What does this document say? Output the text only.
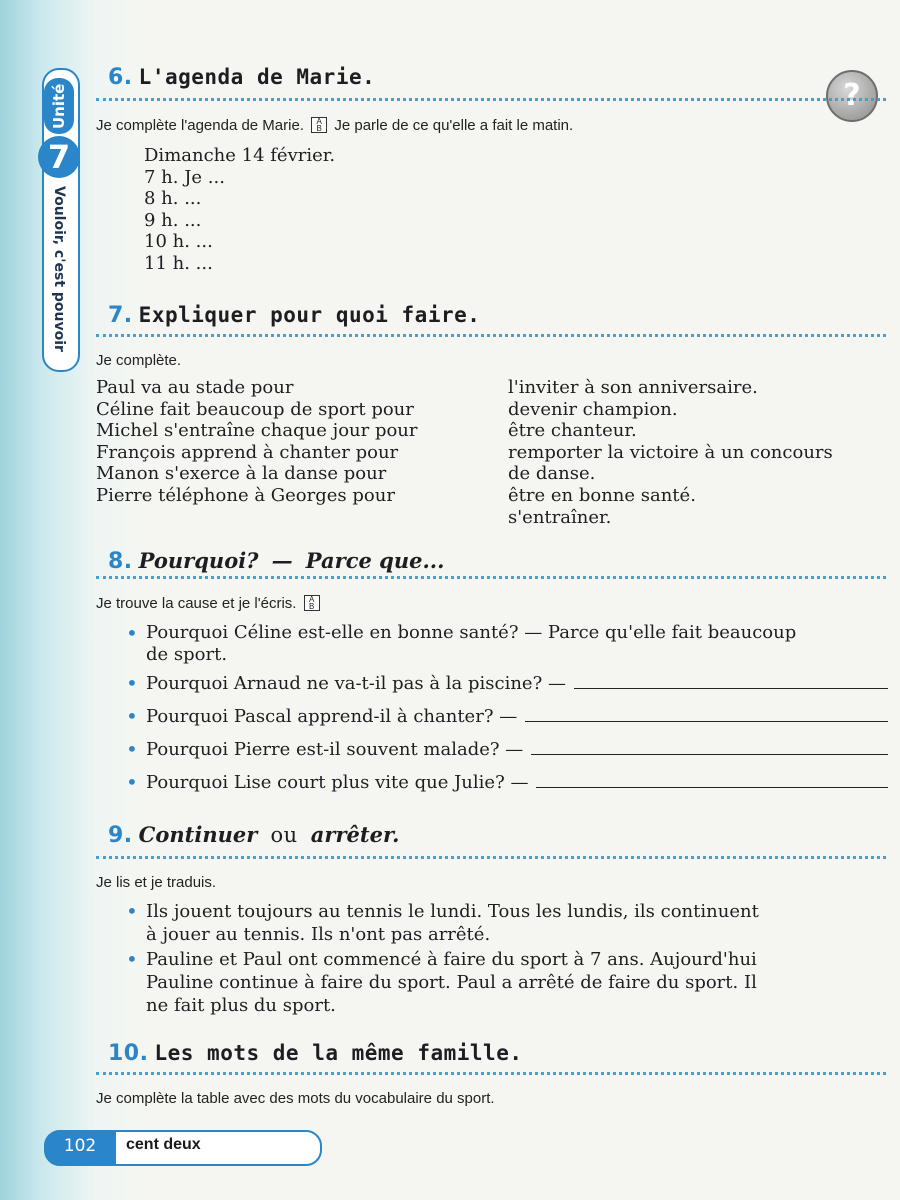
Unité
7
Vouloir, c'est pouvoir
?
6. L'agenda de Marie.
Je complète l'agenda de Marie. A
B Je parle de ce qu'elle a fait le matin.
Dimanche 14 février.
7 h. Je ...
8 h. ...
9 h. ...
10 h. ...
11 h. ...
7. Expliquer pour quoi faire.
Je complète.
Paul va au stade pour
Céline fait beaucoup de sport pour
Michel s'entraîne chaque jour pour
François apprend à chanter pour
Manon s'exerce à la danse pour
Pierre téléphone à Georges pour
l'inviter à son anniversaire.
devenir champion.
être chanteur.
remporter la victoire à un concours
de danse.
être en bonne santé.
s'entraîner.
8. Pourquoi? — Parce que...
Je trouve la cause et je l'écris. A
B
• Pourquoi Céline est-elle en bonne santé? — Parce qu'elle fait beaucoup
de sport.
• Pourquoi Arnaud ne va-t-il pas à la piscine? —
• Pourquoi Pascal apprend-il à chanter? —
• Pourquoi Pierre est-il souvent malade? —
• Pourquoi Lise court plus vite que Julie? —
9. Continuer ou arrêter.
Je lis et je traduis.
• Ils jouent toujours au tennis le lundi. Tous les lundis, ils continuent
à jouer au tennis. Ils n'ont pas arrêté.
• Pauline et Paul ont commencé à faire du sport à 7 ans. Aujourd'hui
Pauline continue à faire du sport. Paul a arrêté de faire du sport. Il
ne fait plus du sport.
10. Les mots de la même famille.
Je complète la table avec des mots du vocabulaire du sport.
102	cent deux
